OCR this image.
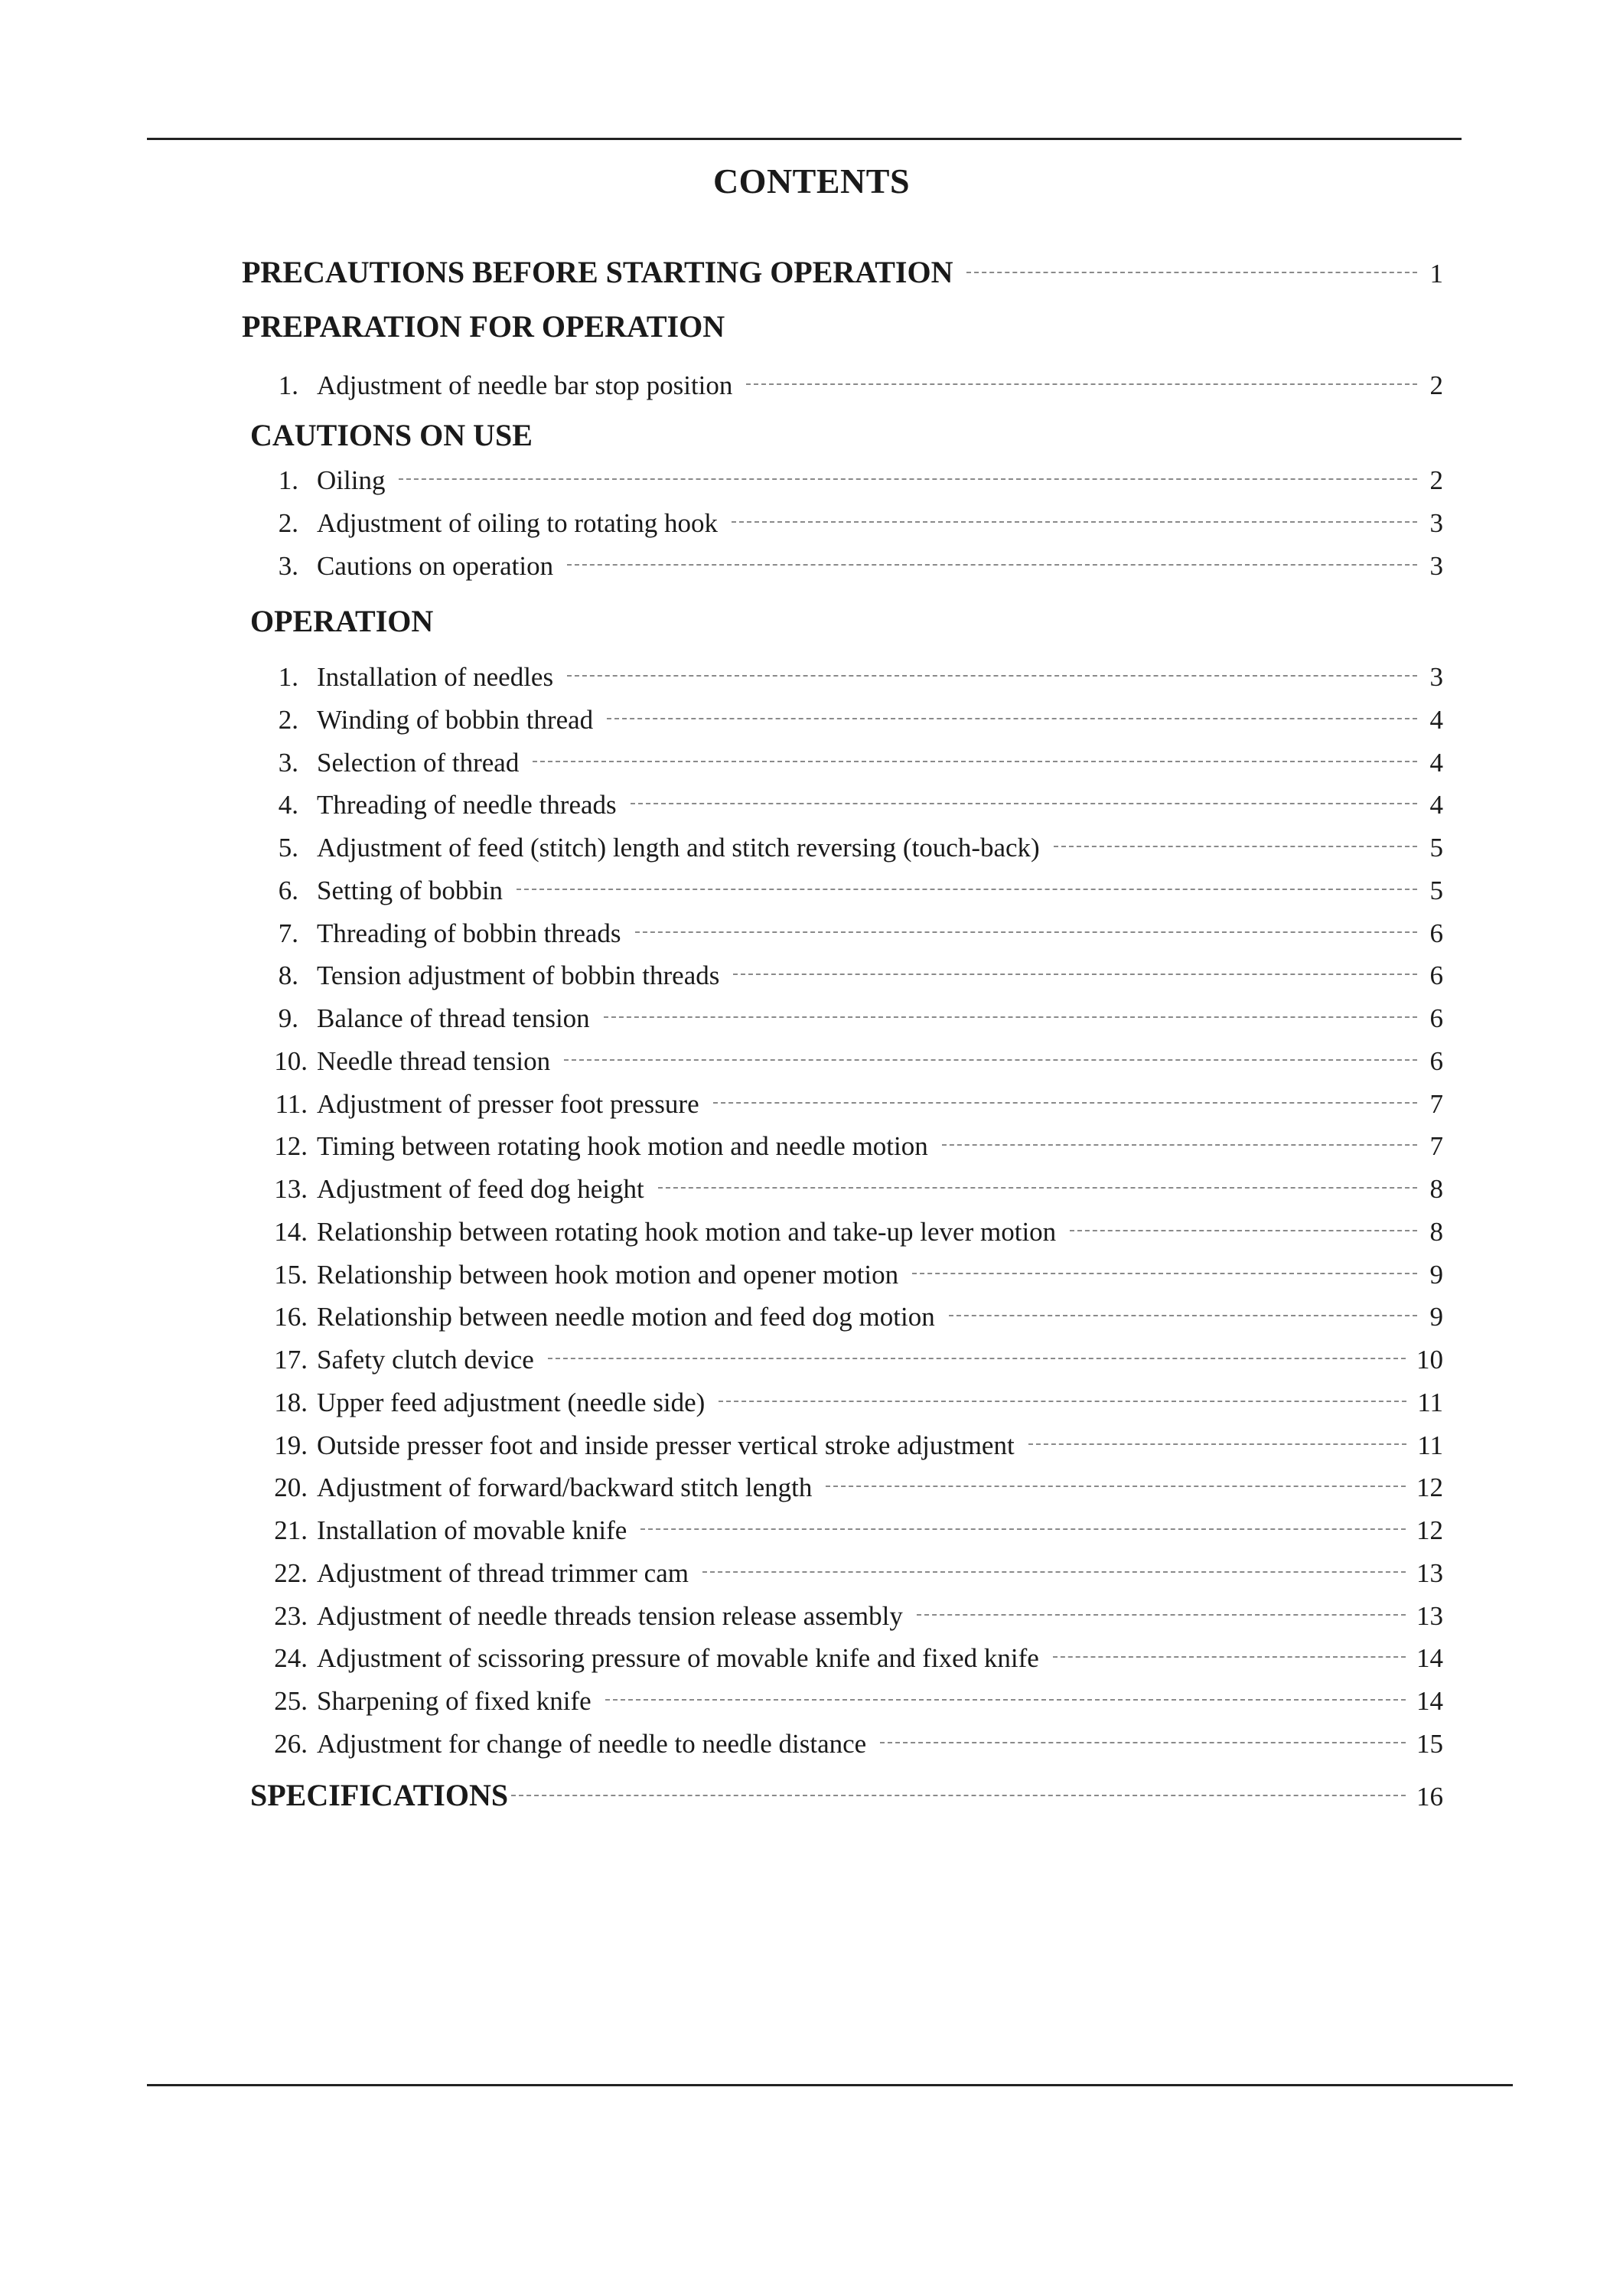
CONTENTS
PRECAUTIONS BEFORE STARTING OPERATION	1
PREPARATION FOR OPERATION
1. Adjustment of needle bar stop position	2
CAUTIONS ON USE
1. Oiling	2
2. Adjustment of oiling to rotating hook	3
3. Cautions on operation	3
OPERATION
1. Installation of needles	3
2. Winding of bobbin thread	4
3. Selection of thread	4
4. Threading of needle threads	4
5. Adjustment of feed (stitch) length and stitch reversing (touch-back)	5
6. Setting of bobbin	5
7. Threading of bobbin threads	6
8. Tension adjustment of bobbin threads	6
9. Balance of thread tension	6
10. Needle thread tension	6
11. Adjustment of presser foot pressure	7
12. Timing between rotating hook motion and needle motion	7
13. Adjustment of feed dog height	8
14. Relationship between rotating hook motion and take-up lever motion	8
15. Relationship between hook motion and opener motion	9
16. Relationship between needle motion and feed dog motion	9
17. Safety clutch device	10
18. Upper feed adjustment (needle side)	11
19. Outside presser foot and inside presser vertical stroke adjustment	11
20. Adjustment of forward/backward stitch length	12
21. Installation of movable knife	12
22. Adjustment of thread trimmer cam	13
23. Adjustment of needle threads tension release assembly	13
24. Adjustment of scissoring pressure of movable knife and fixed knife	14
25. Sharpening of fixed knife	14
26. Adjustment for change of needle to needle distance	15
SPECIFICATIONS	16
